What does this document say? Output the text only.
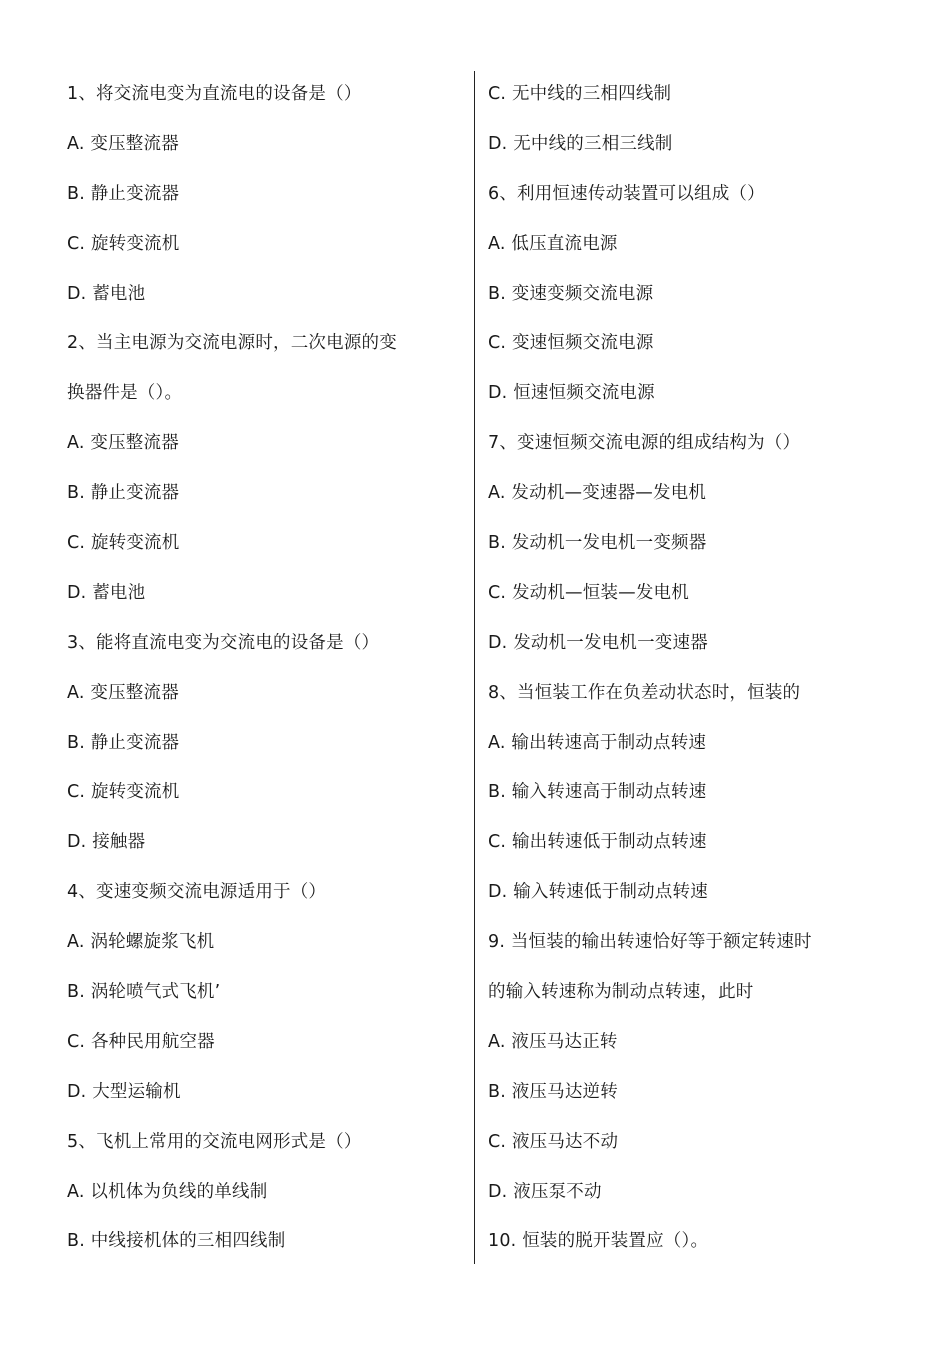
1、将交流电变为直流电的设备是（）
A. 变压整流器
B. 静止变流器
C. 旋转变流机
D. 蓄电池
2、当主电源为交流电源时，二次电源的变
换器件是（）。
A. 变压整流器
B. 静止变流器
C. 旋转变流机
D. 蓄电池
3、能将直流电变为交流电的设备是（）
A. 变压整流器
B. 静止变流器
C. 旋转变流机
D. 接触器
4、变速变频交流电源适用于（）
A. 涡轮螺旋浆飞机
B. 涡轮喷气式飞机’
C. 各种民用航空器
D. 大型运输机
5、飞机上常用的交流电网形式是（）
A. 以机体为负线的单线制
B. 中线接机体的三相四线制
C. 无中线的三相四线制
D. 无中线的三相三线制
6、利用恒速传动装置可以组成（）
A. 低压直流电源
B. 变速变频交流电源
C. 变速恒频交流电源
D. 恒速恒频交流电源
7、变速恒频交流电源的组成结构为（）
A. 发动机—变速器—发电机
B. 发动机一发电机一变频器
C. 发动机—恒装—发电机
D. 发动机一发电机一变速器
8、当恒装工作在负差动状态时，恒装的
A. 输出转速高于制动点转速
B. 输入转速高于制动点转速
C. 输出转速低于制动点转速
D. 输入转速低于制动点转速
9. 当恒装的输出转速恰好等于额定转速时
的输入转速称为制动点转速，此时
A. 液压马达正转
B. 液压马达逆转
C. 液压马达不动
D. 液压泵不动
10. 恒装的脱开装置应（）。
